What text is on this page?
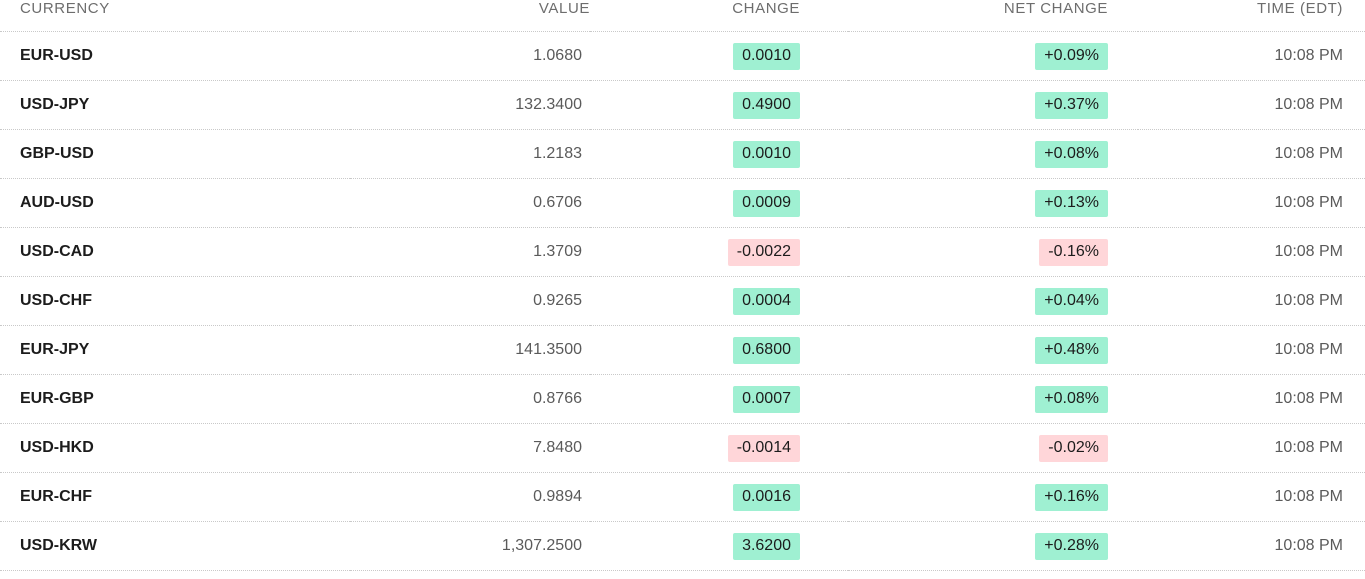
CURRENCY	VALUE	CHANGE	NET CHANGE	TIME (EDT)
EUR-USD	1.0680	0.0010	+0.09%	10:08 PM
USD-JPY	132.3400	0.4900	+0.37%	10:08 PM
GBP-USD	1.2183	0.0010	+0.08%	10:08 PM
AUD-USD	0.6706	0.0009	+0.13%	10:08 PM
USD-CAD	1.3709	-0.0022	-0.16%	10:08 PM
USD-CHF	0.9265	0.0004	+0.04%	10:08 PM
EUR-JPY	141.3500	0.6800	+0.48%	10:08 PM
EUR-GBP	0.8766	0.0007	+0.08%	10:08 PM
USD-HKD	7.8480	-0.0014	-0.02%	10:08 PM
EUR-CHF	0.9894	0.0016	+0.16%	10:08 PM
USD-KRW	1,307.2500	3.6200	+0.28%	10:08 PM
